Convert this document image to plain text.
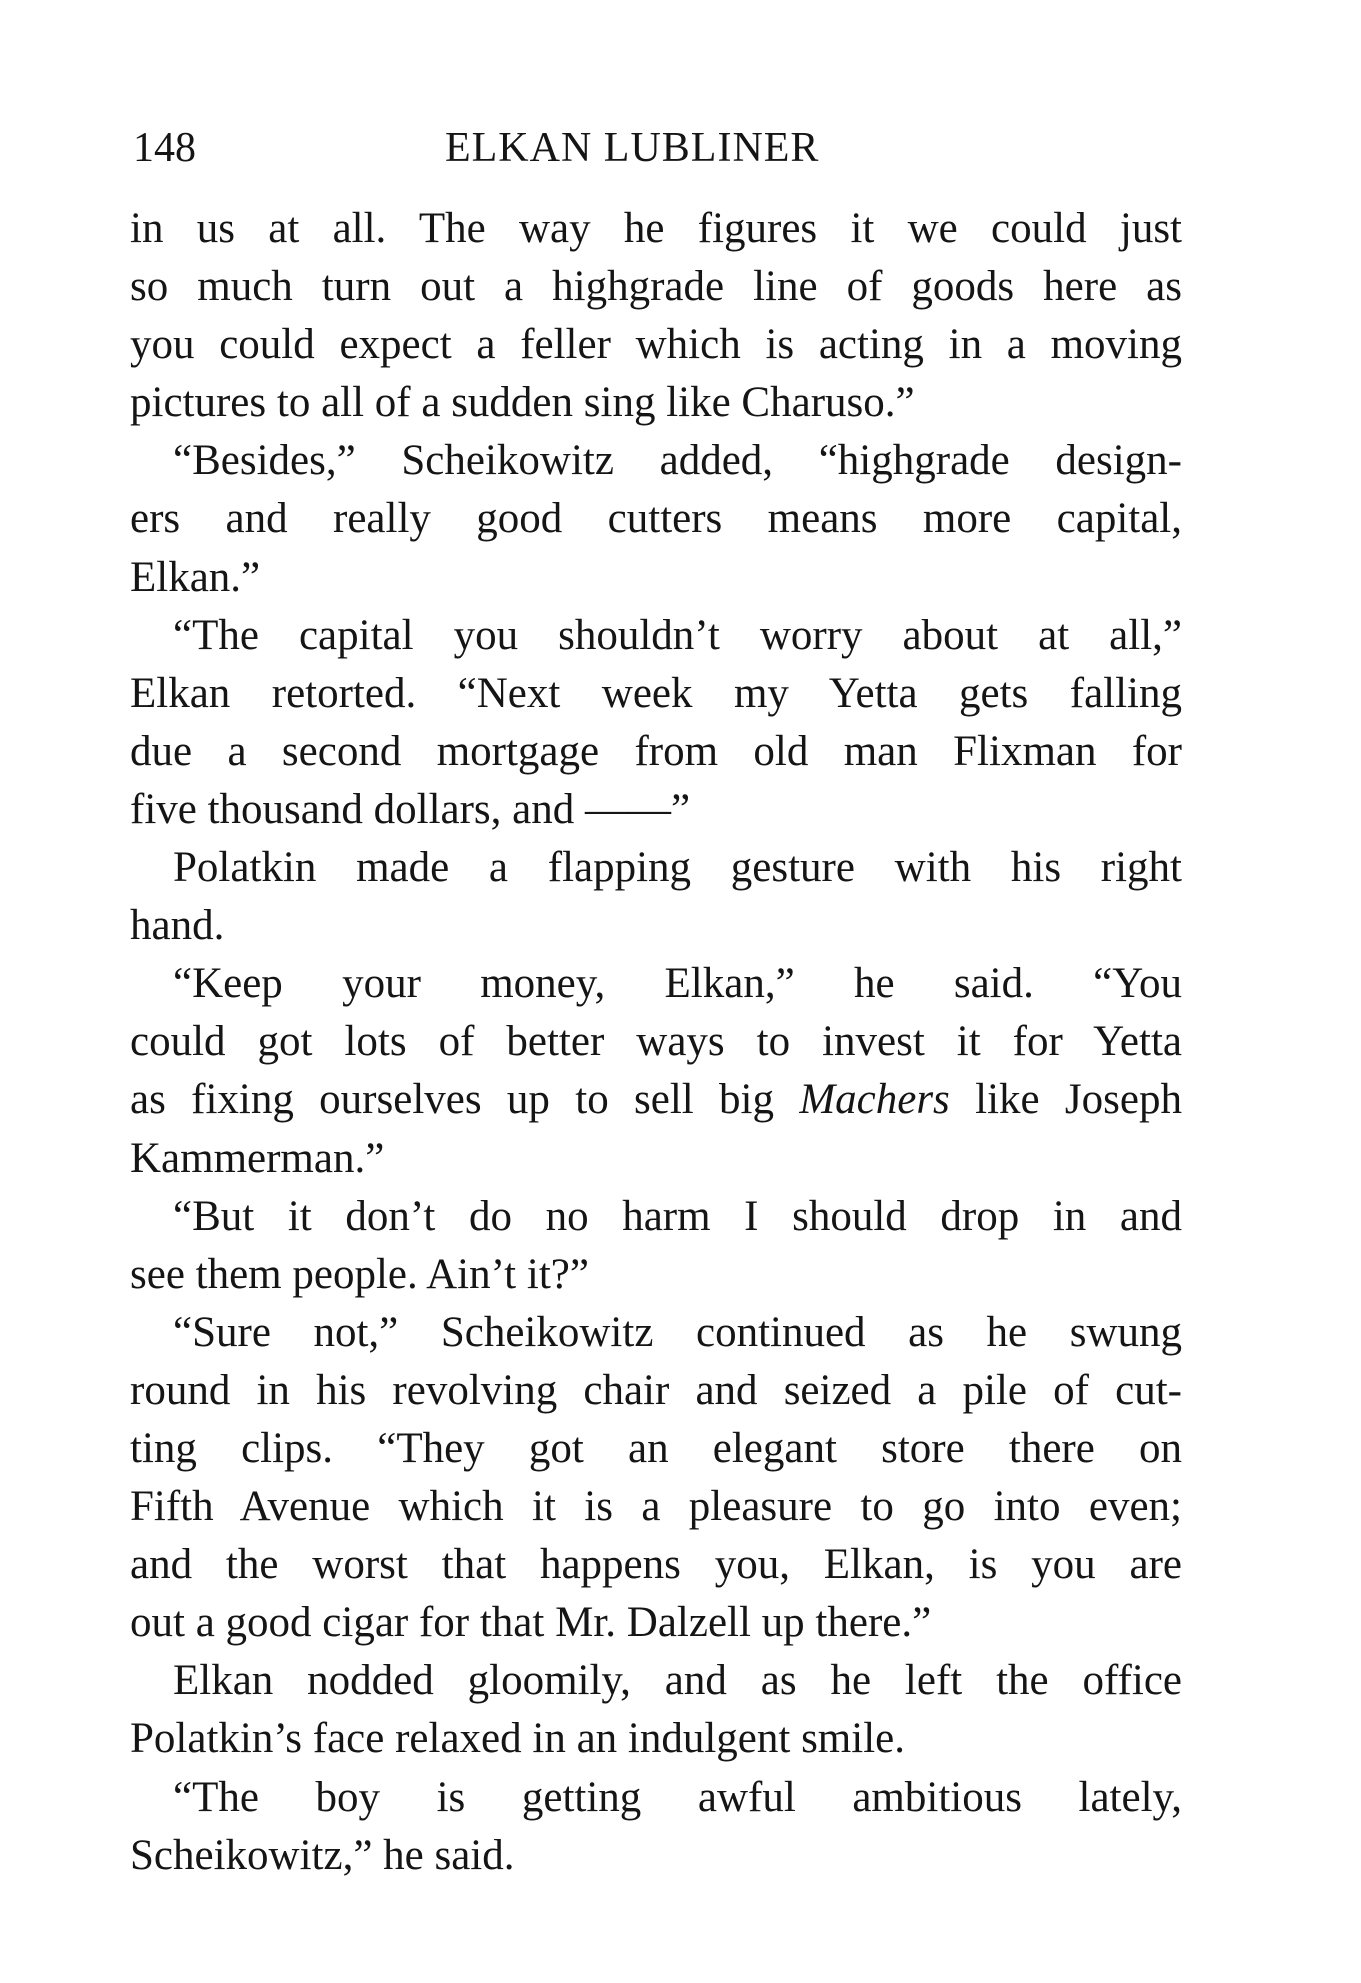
148	ELKAN LUBLINER
in us at all. The way he figures it we could just
so much turn out a highgrade line of goods here as
you could expect a feller which is acting in a moving
pictures to all of a sudden sing like Charuso.”
“Besides,” Scheikowitz added, “highgrade design-
ers and really good cutters means more capital,
Elkan.”
“The capital you shouldn’t worry about at all,”
Elkan retorted. “Next week my Yetta gets falling
due a second mortgage from old man Flixman for
five thousand dollars, and ——”
Polatkin made a flapping gesture with his right
hand.
“Keep your money, Elkan,” he said. “You
could got lots of better ways to invest it for Yetta
as fixing ourselves up to sell big Machers like Joseph
Kammerman.”
“But it don’t do no harm I should drop in and
see them people. Ain’t it?”
“Sure not,” Scheikowitz continued as he swung
round in his revolving chair and seized a pile of cut-
ting clips. “They got an elegant store there on
Fifth Avenue which it is a pleasure to go into even;
and the worst that happens you, Elkan, is you are
out a good cigar for that Mr. Dalzell up there.”
Elkan nodded gloomily, and as he left the office
Polatkin’s face relaxed in an indulgent smile.
“The boy is getting awful ambitious lately,
Scheikowitz,” he said.
